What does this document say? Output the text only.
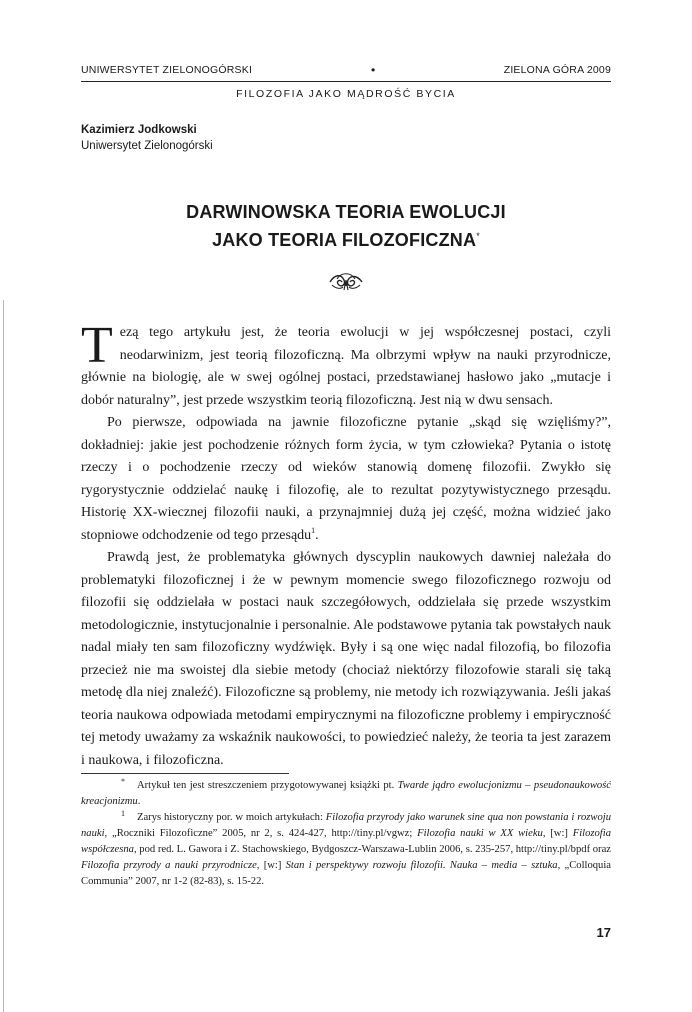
UNIWERSYTET ZIELONOGÓRSKI	•	ZIELONA GÓRA 2009
FILOZOFIA JAKO MĄDROŚĆ BYCIA
Kazimierz Jodkowski
Uniwersytet Zielonogórski
DARWINOWSKA TEORIA EWOLUCJI
JAKO TEORIA FILOZOFICZNA*

Tezą tego artykułu jest, że teoria ewolucji w jej współczesnej postaci, czyli neodarwinizm, jest teorią filozoficzną. Ma olbrzymi wpływ na nauki przyrodnicze, głównie na biologię, ale w swej ogólnej postaci, przedstawianej hasłowo jako „mutacje i dobór naturalny”, jest przede wszystkim teorią filozoficzną. Jest nią w dwu sensach.

Po pierwsze, odpowiada na jawnie filozoficzne pytanie „skąd się wzięliśmy?”, dokładniej: jakie jest pochodzenie różnych form życia, w tym człowieka? Pytania o istotę rzeczy i o pochodzenie rzeczy od wieków stanowią domenę filozofii. Zwykło się rygorystycznie oddzielać naukę i filozofię, ale to rezultat pozytywistycznego przesądu. Historię XX-wiecznej filozofii nauki, a przynajmniej dużą jej część, można widzieć jako stopniowe odchodzenie od tego przesądu$^1$.

Prawdą jest, że problematyka głównych dyscyplin naukowych dawniej należała do problematyki filozoficznej i że w pewnym momencie swego filozoficznego rozwoju od filozofii się oddzielała w postaci nauk szczegółowych, oddzielała się przede wszystkim metodologicznie, instytucjonalnie i personalnie. Ale podstawowe pytania tak powstałych nauk nadal miały ten sam filozoficzny wydźwięk. Były i są one więc nadal filozofią, bo filozofia przecież nie ma swoistej dla siebie metody (chociaż niektórzy filozofowie starali się taką metodę dla niej znaleźć). Filozoficzne są problemy, nie metody ich rozwiązywania. Jeśli jakaś teoria naukowa odpowiada metodami empirycznymi na filozoficzne problemy i empiryczność tej metody uważamy za wskaźnik naukowości, to powiedzieć należy, że teoria ta jest zarazem i naukowa, i filozoficzna.

* Artykuł ten jest streszczeniem przygotowywanej książki pt. Twarde jądro ewolucjonizmu – pseudonaukowość kreacjonizmu.

$^1$ Zarys historyczny por. w moich artykułach: Filozofia przyrody jako warunek sine qua non powstania i rozwoju nauki, „Roczniki Filozoficzne” 2005, nr 2, s. 424-427, http://tiny.pl/vgwz; Filozofia nauki w XX wieku, [w:] Filozofia współczesna, pod red. L. Gawora i Z. Stachowskiego, Bydgoszcz-Warszawa-Lublin 2006, s. 235-257, http://tiny.pl/bpdf oraz Filozofia przyrody a nauki przyrodnicze, [w:] Stan i perspektywy rozwoju filozofii. Nauka – media – sztuka, „Colloquia Communia” 2007, nr 1-2 (82-83), s. 15-22.

17
